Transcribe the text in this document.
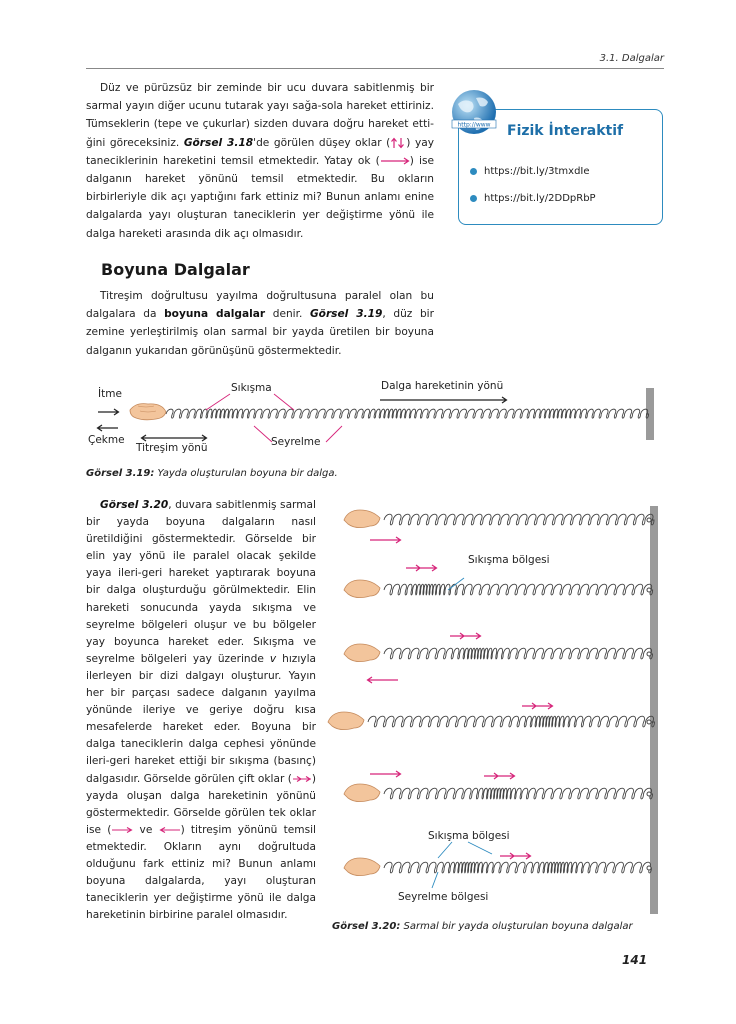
3.1. Dalgalar
Düz ve pürüzsüz bir zeminde bir ucu duvara sabitlenmiş bir sarmal yayın diğer ucunu tutarak yayı sağa-sola hareket ettiriniz. Tümseklerin (tepe ve çukurlar) sizden duvara doğru hareket etti-ğini göreceksiniz. Görsel 3.18'de görülen düşey oklar ( ) yay taneciklerinin hareketini temsil etmektedir. Yatay ok (	) ise dalganın hareket yönünü temsil etmektedir. Bu okların birbirleriyle dik açı yaptığını fark ettiniz mi? Bunun anlamı enine dalgalarda yayı oluşturan taneciklerin yer değiştirme yönü ile dalga hareketi arasında dik açı olmasıdır.
http://www Fizik İnteraktif
https://bit.ly/3tmxdIe
https://bit.ly/2DDpRbP
Boyuna Dalgalar
Titreşim doğrultusu yayılma doğrultusuna paralel olan bu dalgalara da boyuna dalgalar denir. Görsel 3.19, düz bir zemine yerleştirilmiş olan sarmal bir yayda üretilen bir boyuna dalganın yukarıdan görünüşünü göstermektedir.
İtme
Çekme
Sıkışma
Seyrelme
Titreşim yönü
Dalga hareketinin yönü
Görsel 3.19: Yayda oluşturulan boyuna bir dalga.
Görsel 3.20, duvara sabitlenmiş sarmal bir yayda boyuna dalgaların nasıl üretildiğini göstermektedir. Görselde bir elin yay yönü ile paralel olacak şekilde yaya ileri-geri hareket yaptırarak boyuna bir dalga oluşturduğu görülmektedir. Elin hareketi sonucunda yayda sıkışma ve seyrelme bölgeleri oluşur ve bu bölgeler yay boyunca hareket eder. Sıkışma ve seyrelme bölgeleri yay üzerinde v hızıyla ilerleyen bir dizi dalgayı oluşturur. Yayın her bir parçası sadece dalganın yayılma yönünde ileriye ve geriye doğru kısa mesafelerde hareket eder. Boyuna bir dalga taneciklerin dalga cephesi yönünde ileri-geri hareket ettiği bir sıkışma (basınç) dalgasıdır. Görselde görülen çift oklar ( ) yayda oluşan dalga hareketinin yönünü göstermektedir. Görselde görülen tek oklar ise (	ve	) titreşim yönünü temsil etmektedir. Okların aynı doğrultuda olduğunu fark ettiniz mi? Bunun anlamı boyuna dalgalarda, yayı oluşturan taneciklerin yer değiştirme yönü ile dalga hareketinin birbirine paralel olmasıdır.
Sıkışma bölgesi
Sıkışma bölgesi
Seyrelme bölgesi
Görsel 3.20: Sarmal bir yayda oluşturulan boyuna dalgalar
141
